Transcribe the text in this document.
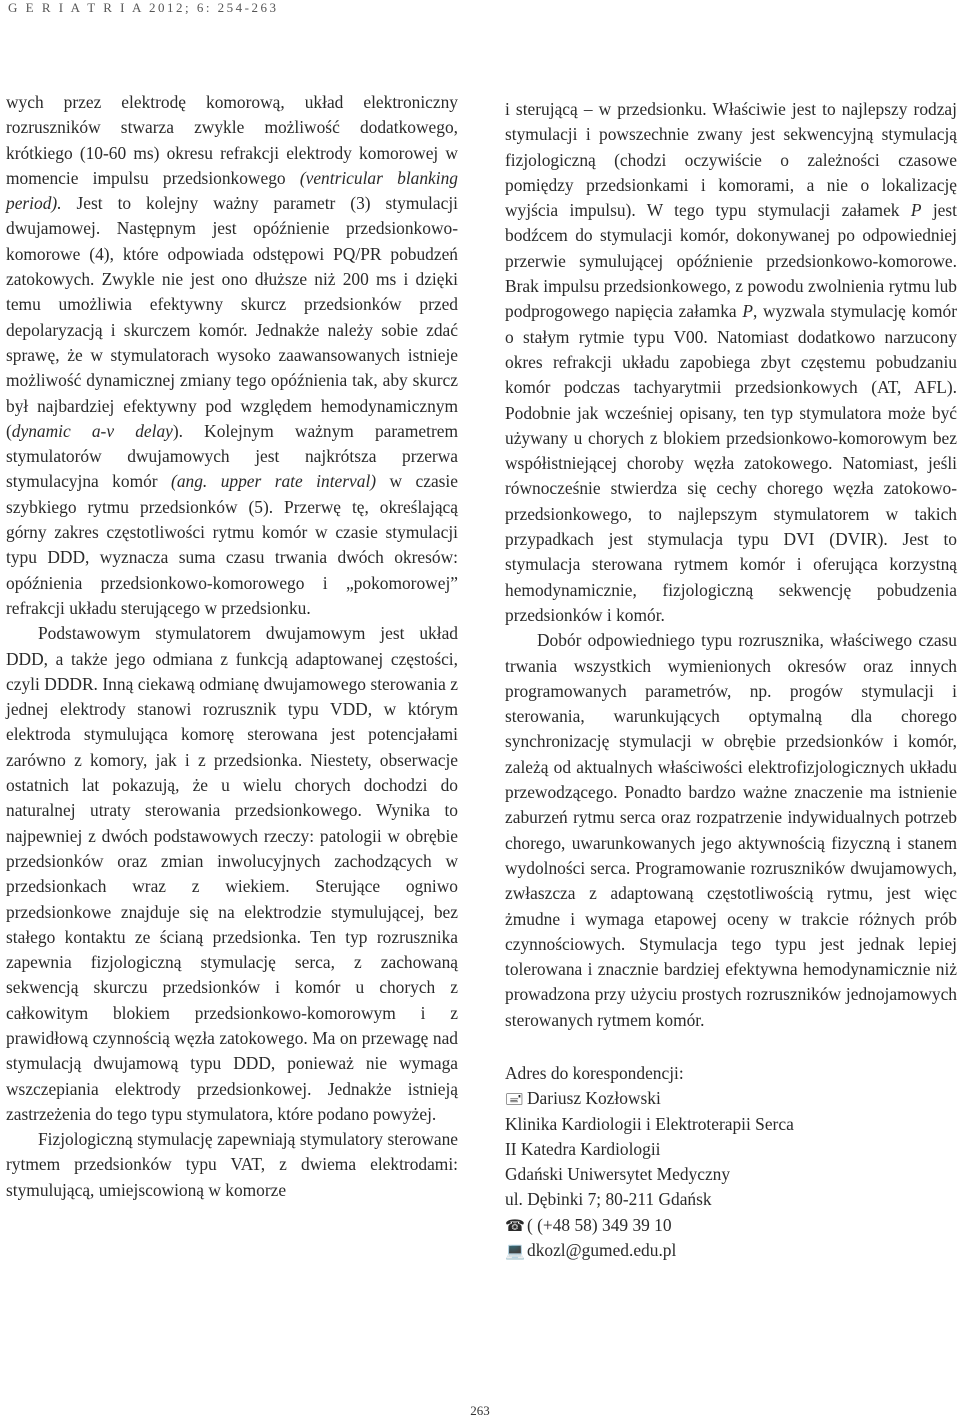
G E R I A T R I A 2012; 6: 254-263

wych przez elektrodę komorową, układ elektroniczny rozruszników stwarza zwykle możliwość dodatkowego, krótkiego (10-60 ms) okresu refrakcji elektrody komorowej w momencie impulsu przedsionkowego (ventricular blanking period). Jest to kolejny ważny parametr (3) stymulacji dwujamowej. Następnym jest opóźnienie przedsionkowo-komorowe (4), które odpowiada odstępowi PQ/PR pobudzeń zatokowych. Zwykle nie jest ono dłuższe niż 200 ms i dzięki temu umożliwia efektywny skurcz przedsionków przed depolaryzacją i skurczem komór. Jednakże należy sobie zdać sprawę, że w stymulatorach wysoko zaawansowanych istnieje możliwość dynamicznej zmiany tego opóźnienia tak, aby skurcz był najbardziej efektywny pod względem hemodynamicznym (dynamic a-v delay). Kolejnym ważnym parametrem stymulatorów dwujamowych jest najkrótsza przerwa stymulacyjna komór (ang. upper rate interval) w czasie szybkiego rytmu przedsionków (5). Przerwę tę, określającą górny zakres częstotliwości rytmu komór w czasie stymulacji typu DDD, wyznacza suma czasu trwania dwóch okresów: opóźnienia przedsionkowo-komorowego i „pokomorowej” refrakcji układu sterującego w przedsionku.

Podstawowym stymulatorem dwujamowym jest układ DDD, a także jego odmiana z funkcją adaptowanej częstości, czyli DDDR. Inną ciekawą odmianę dwujamowego sterowania z jednej elektrody stanowi rozrusznik typu VDD, w którym elektroda stymulująca komorę sterowana jest potencjałami zarówno z komory, jak i z przedsionka. Niestety, obserwacje ostatnich lat pokazują, że u wielu chorych dochodzi do naturalnej utraty sterowania przedsionkowego. Wynika to najpewniej z dwóch podstawowych rzeczy: patologii w obrębie przedsionków oraz zmian inwolucyjnych zachodzących w przedsionkach wraz z wiekiem. Sterujące ogniwo przedsionkowe znajduje się na elektrodzie stymulującej, bez stałego kontaktu ze ścianą przedsionka. Ten typ rozrusznika zapewnia fizjologiczną stymulację serca, z zachowaną sekwencją skurczu przedsionków i komór u chorych z całkowitym blokiem przedsionkowo-komorowym i z prawidłową czynnością węzła zatokowego. Ma on przewagę nad stymulacją dwujamową typu DDD, ponieważ nie wymaga wszczepiania elektrody przedsionkowej. Jednakże istnieją zastrzeżenia do tego typu stymulatora, które podano powyżej.

Fizjologiczną stymulację zapewniają stymulatory sterowane rytmem przedsionków typu VAT, z dwiema elektrodami: stymulującą, umiejscowioną w komorze

i sterującą – w przedsionku. Właściwie jest to najlepszy rodzaj stymulacji i powszechnie zwany jest sekwencyjną stymulacją fizjologiczną (chodzi oczywiście o zależności czasowe pomiędzy przedsionkami i komorami, a nie o lokalizację wyjścia impulsu). W tego typu stymulacji załamek P jest bodźcem do stymulacji komór, dokonywanej po odpowiedniej przerwie symulującej opóźnienie przedsionkowo-komorowe. Brak impulsu przedsionkowego, z powodu zwolnienia rytmu lub podprogowego napięcia załamka P, wyzwala stymulację komór o stałym rytmie typu V00. Natomiast dodatkowo narzucony okres refrakcji układu zapobiega zbyt częstemu pobudzaniu komór podczas tachyarytmii przedsionkowych (AT, AFL). Podobnie jak wcześniej opisany, ten typ stymulatora może być używany u chorych z blokiem przedsionkowo-komorowym bez współistniejącej choroby węzła zatokowego. Natomiast, jeśli równocześnie stwierdza się cechy chorego węzła zatokowo-przedsionkowego, to najlepszym stymulatorem w takich przypadkach jest stymulacja typu DVI (DVIR). Jest to stymulacja sterowana rytmem komór i oferująca korzystną hemodynamicznie, fizjologiczną sekwencję pobudzenia przedsionków i komór.

Dobór odpowiedniego typu rozrusznika, właściwego czasu trwania wszystkich wymienionych okresów oraz innych programowanych parametrów, np. progów stymulacji i sterowania, warunkujących optymalną dla chorego synchronizację stymulacji w obrębie przedsionków i komór, zależą od aktualnych właściwości elektrofizjologicznych układu przewodzącego. Ponadto bardzo ważne znaczenie ma istnienie zaburzeń rytmu serca oraz rozpatrzenie indywidualnych potrzeb chorego, uwarunkowanych jego aktywnością fizyczną i stanem wydolności serca. Programowanie rozruszników dwujamowych, zwłaszcza z adaptowaną częstotliwością rytmu, jest więc żmudne i wymaga etapowej oceny w trakcie różnych prób czynnościowych. Stymulacja tego typu jest jednak lepiej tolerowana i znacznie bardziej efektywna hemodynamicznie niż prowadzona przy użyciu prostych rozruszników jednojamowych sterowanych rytmem komór.

Adres do korespondencji:
🖃 Dariusz Kozłowski
Klinika Kardiologii i Elektroterapii Serca
II Katedra Kardiologii
Gdański Uniwersytet Medyczny
ul. Dębinki 7; 80-211 Gdańsk
☎ ( (+48 58) 349 39 10
💻 dkozl@gumed.edu.pl
263
